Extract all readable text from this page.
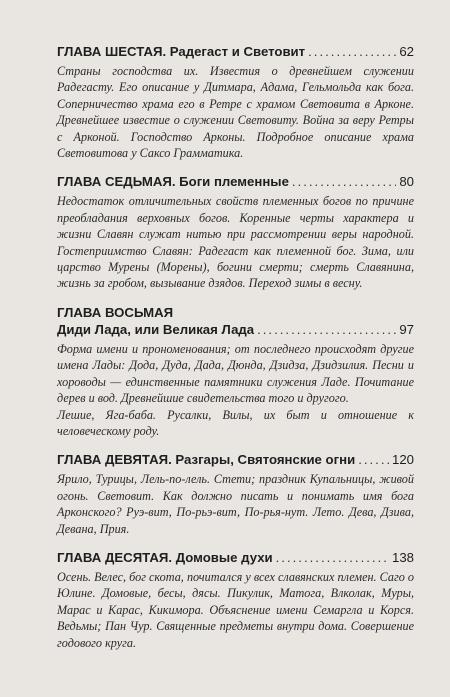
ГЛАВА ШЕСТАЯ. Радегаст и Световит .....	62

Страны господства их. Известия о древнейшем служении Радегасту. Его описание у Дитмара, Адама, Гельмольда как бога. Соперничество храма его в Ретре с храмом Световита в Арконе. Древнейшее известие о служении Световиту. Война за веру Ретры с Арконой. Господство Арконы. Подробное описание храма Световитова у Саксо Грамматика.

ГЛАВА СЕДЬМАЯ. Боги племенные .....	80

Недостаток отличительных свойств племенных богов по причине преобладания верховных богов. Коренные черты характера и жизни Славян служат нитью при рассмотрении веры народной. Гостеприимство Славян: Радегаст как племенной бог. Зима, или царство Мурены (Морены), богини смерти; смерть Славянина, жизнь за гробом, вызывание дзядов. Переход зимы в весну.

ГЛАВА ВОСЬМАЯ
Диди Лада, или Великая Лада .....	97

Форма имени и прономенования; от последнего происходят другие имена Лады: Дода, Дуда, Дада, Дюнда, Дзидза, Дзидзилия. Песни и хороводы — единственные памятники служения Ладе. Почитание дерев и вод. Древнейшие свидетельства того и другого.

Лешие, Яга-баба. Русалки, Вилы, их быт и отношение к человеческому роду.

ГЛАВА ДЕВЯТАЯ. Разгары, Святоянские огни .....	120

Ярило, Турицы, Лель-по-лель. Стети; праздник Купальницы, живой огонь. Световит. Как должно писать и понимать имя бога Арконского? Руэ-вит, По-рьэ-вит, По-рья-нут. Лето. Дева, Дзива, Девана, Прия.

ГЛАВА ДЕСЯТАЯ. Домовые духи .....	138

Осень. Велес, бог скота, почитался у всех славянских племен. Саго о Юлине. Домовые, бесы, дясы. Пикулик, Матога, Влколак, Муры, Марас и Карас, Кикимора. Объяснение имени Семаргла и Корся. Ведьмы; Пан Чур. Священные предметы внутри дома. Совершение годового круга.
